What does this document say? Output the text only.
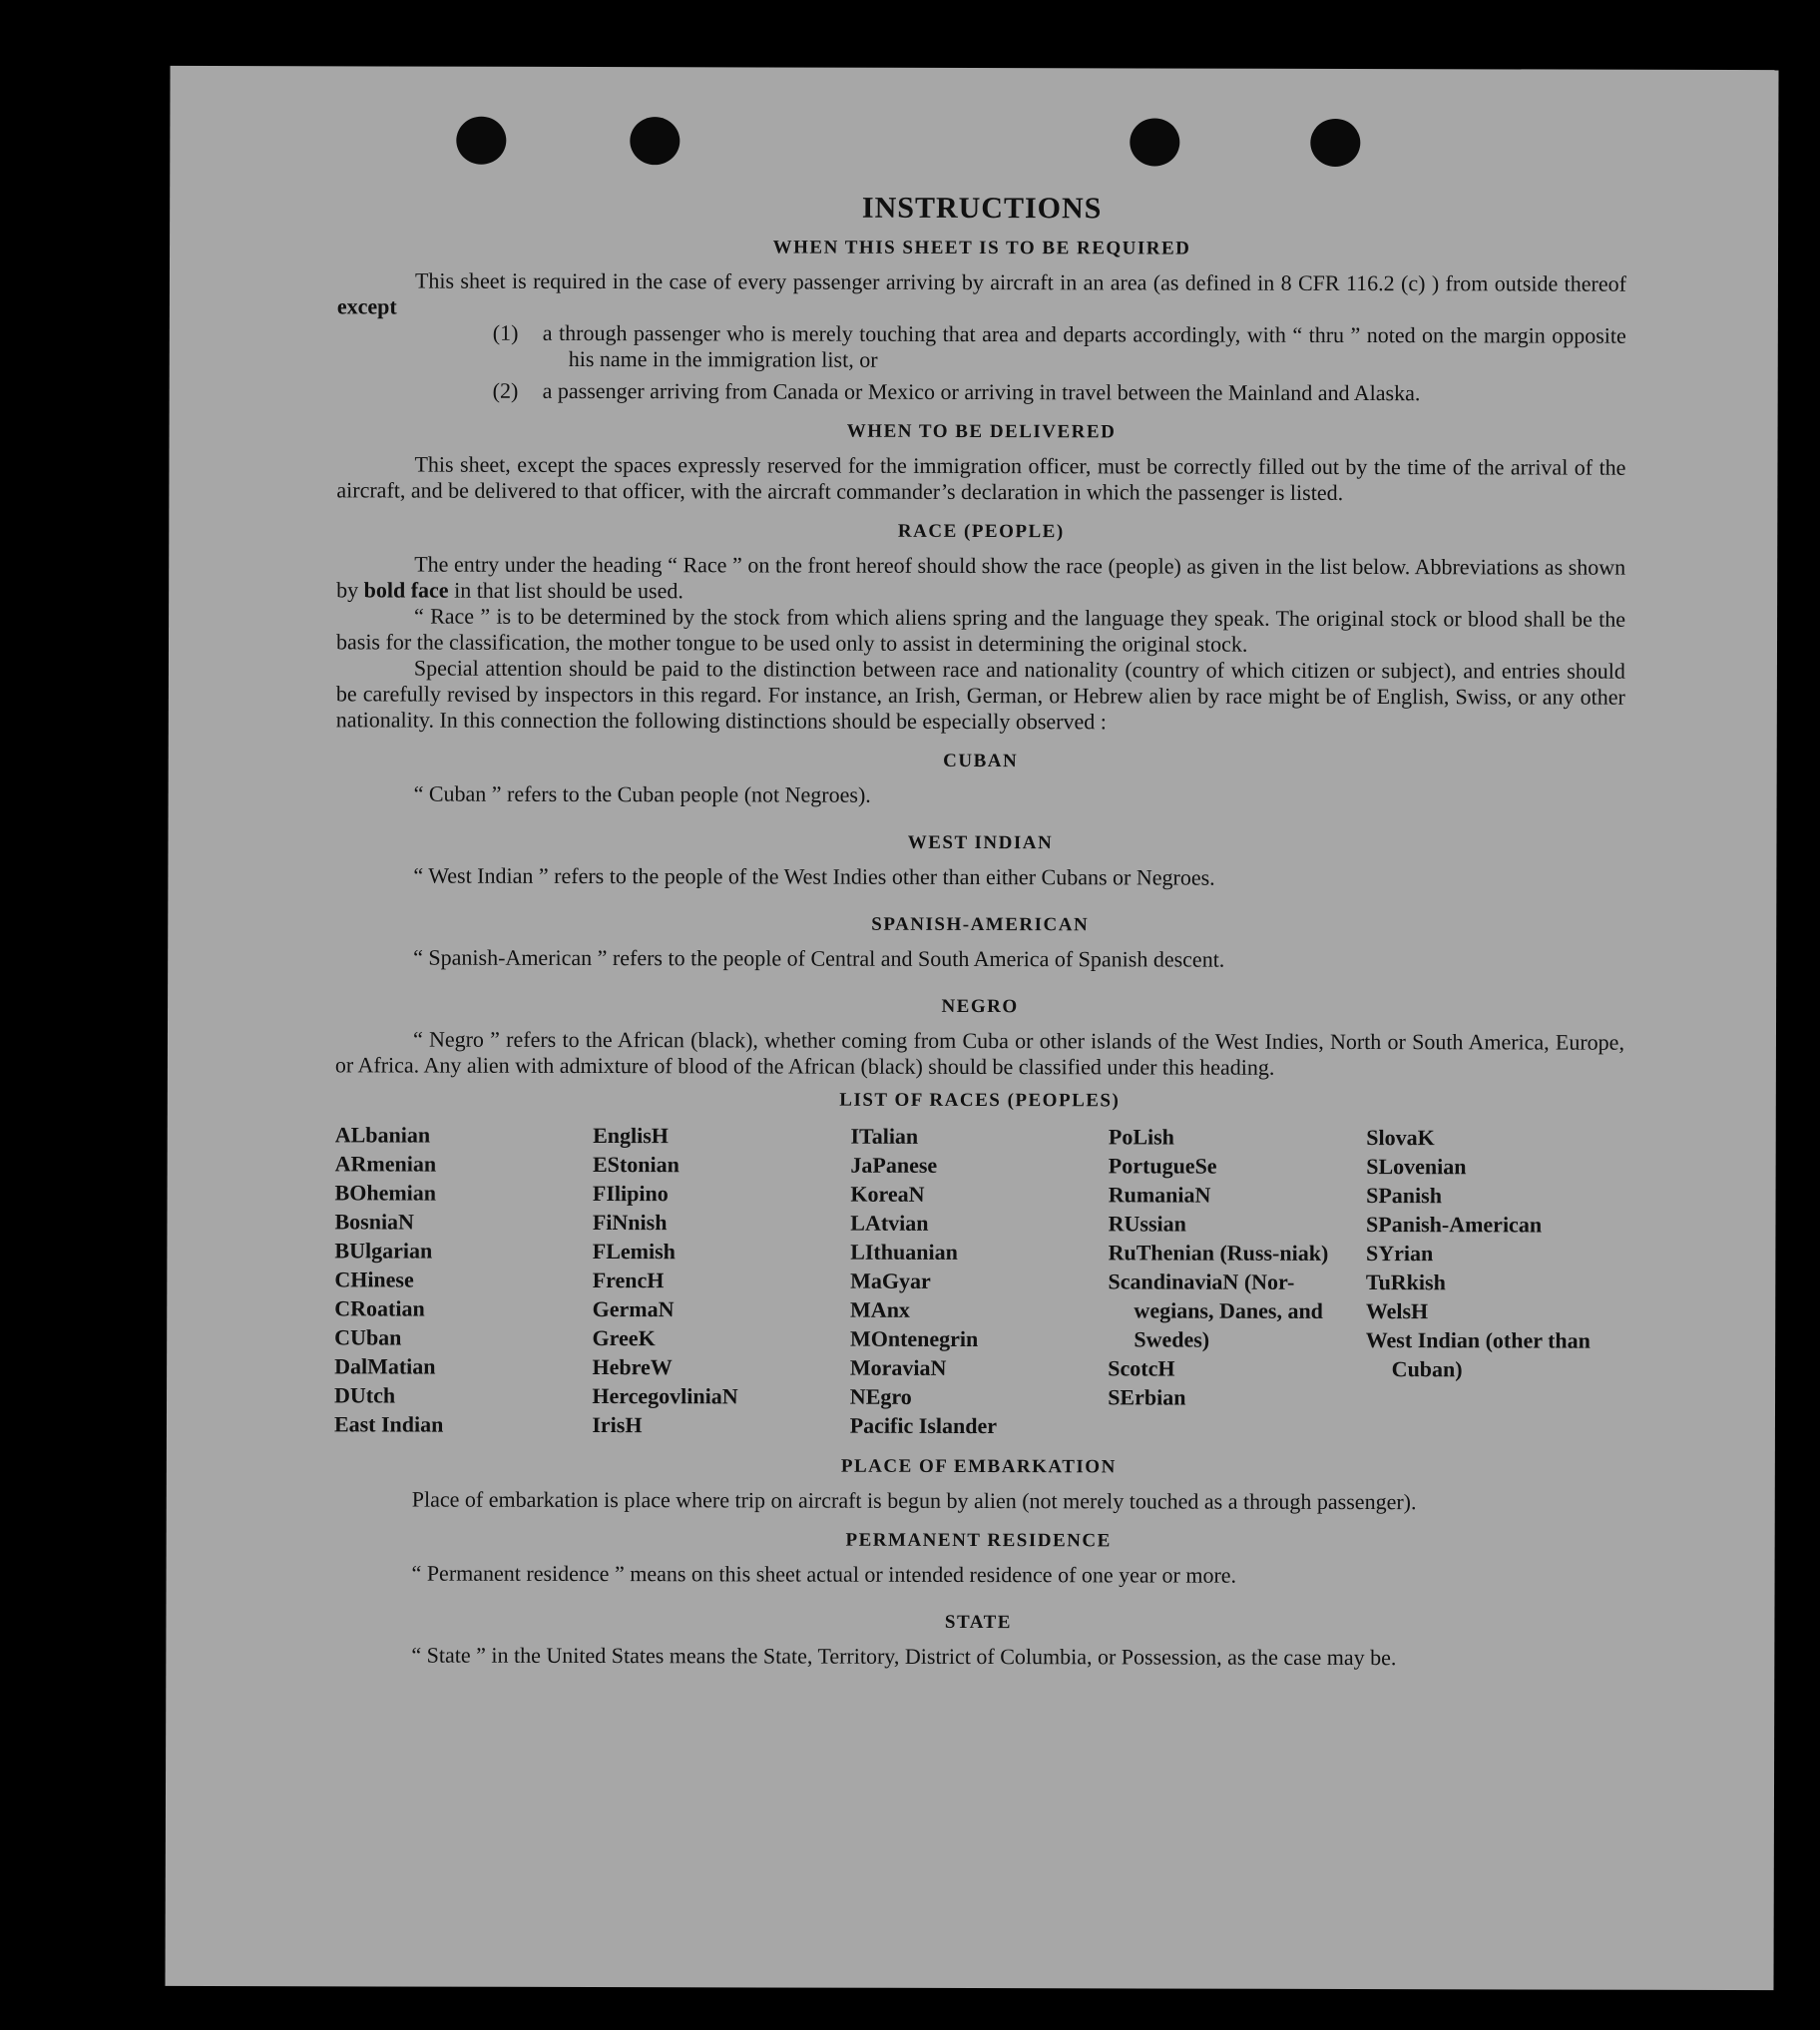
INSTRUCTIONS
WHEN THIS SHEET IS TO BE REQUIRED

This sheet is required in the case of every passenger arriving by aircraft in an area (as defined in 8 CFR 116.2 (c) ) from outside thereof except

(1)	a through passenger who is merely touching that area and departs accordingly, with “ thru ” noted on the margin opposite his name in the immigration list, or
(2)	a passenger arriving from Canada or Mexico or arriving in travel between the Mainland and Alaska.
WHEN TO BE DELIVERED

This sheet, except the spaces expressly reserved for the immigration officer, must be correctly filled out by the time of the arrival of the aircraft, and be delivered to that officer, with the aircraft commander’s declaration in which the passenger is listed.

RACE (PEOPLE)

The entry under the heading “ Race ” on the front hereof should show the race (people) as given in the list below. Abbreviations as shown by bold face in that list should be used.

“ Race ” is to be determined by the stock from which aliens spring and the language they speak. The original stock or blood shall be the basis for the classification, the mother tongue to be used only to assist in determining the original stock.

Special attention should be paid to the distinction between race and nationality (country of which citizen or subject), and entries should be carefully revised by inspectors in this regard. For instance, an Irish, German, or Hebrew alien by race might be of English, Swiss, or any other nationality. In this connection the following distinctions should be especially observed :

CUBAN

“ Cuban ” refers to the Cuban people (not Negroes).

WEST INDIAN

“ West Indian ” refers to the people of the West Indies other than either Cubans or Negroes.

SPANISH-AMERICAN

“ Spanish-American ” refers to the people of Central and South America of Spanish descent.

NEGRO

“ Negro ” refers to the African (black), whether coming from Cuba or other islands of the West Indies, North or South America, Europe, or Africa. Any alien with admixture of blood of the African (black) should be classified under this heading.

LIST OF RACES (PEOPLES)
ALbanian
ARmenian
BOhemian
BosniaN
BUlgarian
CHinese
CRoatian
CUban
DalMatian
DUtch
East Indian
EnglisH
EStonian
FIlipino
FiNnish
FLemish
FrencH
GermaN
GreeK
HebreW
HercegovliniaN
IrisH
ITalian
JaPanese
KoreaN
LAtvian
LIthuanian
MaGyar
MAnx
MOntenegrin
MoraviaN
NEgro
Pacific Islander
PoLish
PortugueSe
RumaniaN
RUssian
RuThenian (Russ-niak)
ScandinaviaN (Nor-wegians, Danes, and Swedes)
ScotcH
SErbian
SlovaK
SLovenian
SPanish
SPanish-American
SYrian
TuRkish
WelsH
West Indian (other than Cuban)
PLACE OF EMBARKATION

Place of embarkation is place where trip on aircraft is begun by alien (not merely touched as a through passenger).

PERMANENT RESIDENCE

“ Permanent residence ” means on this sheet actual or intended residence of one year or more.

STATE

“ State ” in the United States means the State, Territory, District of Columbia, or Possession, as the case may be.
